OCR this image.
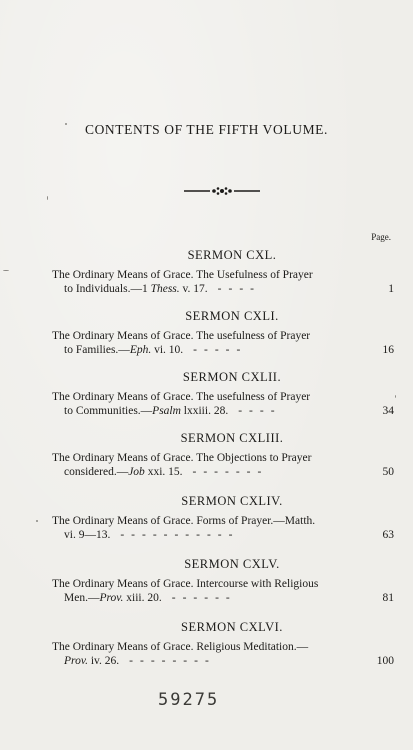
CONTENTS OF THE FIFTH VOLUME.
Page.
SERMON CXL.
The Ordinary Means of Grace. The Usefulness of Prayer
to Individuals.—1 Thess. v. 17. ----	1
SERMON CXLI.
The Ordinary Means of Grace. The usefulness of Prayer
to Families.—Eph. vi. 10. -----	16
SERMON CXLII.
The Ordinary Means of Grace. The usefulness of Prayer
to Communities.—Psalm lxxiii. 28. ----	34
SERMON CXLIII.
The Ordinary Means of Grace. The Objections to Prayer
considered.—Job xxi. 15. -------	50
SERMON CXLIV.
The Ordinary Means of Grace. Forms of Prayer.—Matth.
vi. 9—13. -----------	63
SERMON CXLV.
The Ordinary Means of Grace. Intercourse with Religious
Men.—Prov. xiii. 20. ------	81
SERMON CXLVI.
The Ordinary Means of Grace. Religious Meditation.—
Prov. iv. 26. --------	100
59275
